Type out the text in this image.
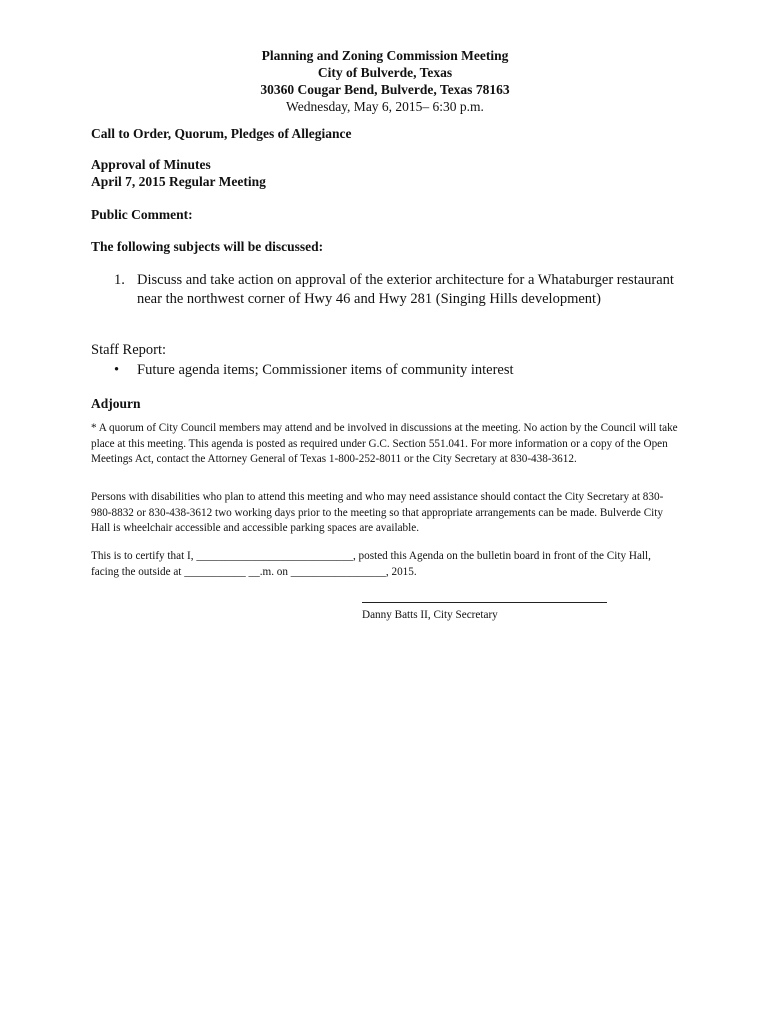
Planning and Zoning Commission Meeting
City of Bulverde, Texas
30360 Cougar Bend, Bulverde, Texas 78163
Wednesday, May 6, 2015– 6:30 p.m.
Call to Order, Quorum, Pledges of Allegiance
Approval of Minutes
April 7, 2015 Regular Meeting
Public Comment:
The following subjects will be discussed:
1. Discuss and take action on approval of the exterior architecture for a Whataburger restaurant near the northwest corner of Hwy 46 and Hwy 281 (Singing Hills development)
Staff Report:
• Future agenda items; Commissioner items of community interest
Adjourn
* A quorum of City Council members may attend and be involved in discussions at the meeting. No action by the Council will take place at this meeting. This agenda is posted as required under G.C. Section 551.041. For more information or a copy of the Open Meetings Act, contact the Attorney General of Texas 1-800-252-8011 or the City Secretary at 830-438-3612.
Persons with disabilities who plan to attend this meeting and who may need assistance should contact the City Secretary at 830-980-8832 or 830-438-3612 two working days prior to the meeting so that appropriate arrangements can be made. Bulverde City Hall is wheelchair accessible and accessible parking spaces are available.
This is to certify that I, ____________________________, posted this Agenda on the bulletin board in front of the City Hall, facing the outside at ___________ __.m. on _________________, 2015.
Danny Batts II, City Secretary
